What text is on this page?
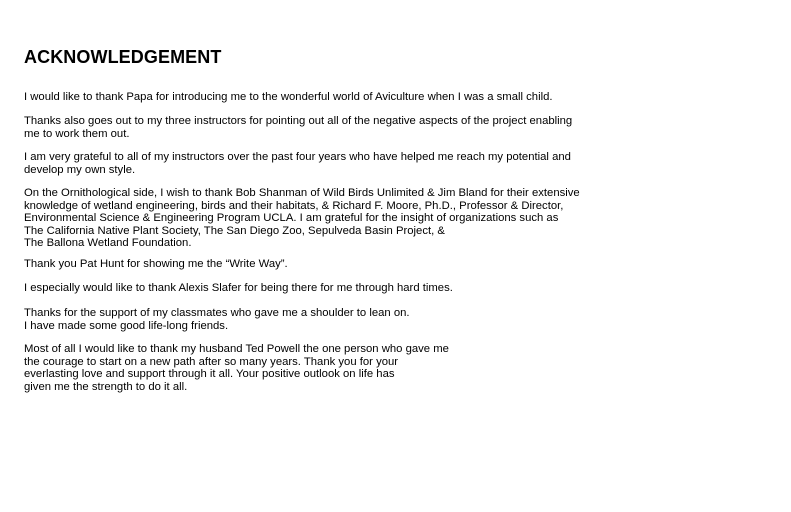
ACKNOWLEDGEMENT

I would like to thank Papa for introducing me to the wonderful world of Aviculture when I was a small child.

Thanks also goes out to my three instructors for pointing out all of the negative aspects of the project enabling
me to work them out.

I am very grateful to all of my instructors over the past four years who have helped me reach my potential and
develop my own style.

On the Ornithological side, I wish to thank Bob Shanman of Wild Birds Unlimited & Jim Bland for their extensive
knowledge of wetland engineering, birds and their habitats, & Richard F. Moore, Ph.D., Professor & Director,
Environmental Science & Engineering Program UCLA. I am grateful for the insight of organizations such as
The California Native Plant Society, The San Diego Zoo, Sepulveda Basin Project, &
The Ballona Wetland Foundation.

Thank you Pat Hunt for showing me the “Write Way”.

I especially would like to thank Alexis Slafer for being there for me through hard times.

Thanks for the support of my classmates who gave me a shoulder to lean on.
I have made some good life-long friends.

Most of all I would like to thank my husband Ted Powell the one person who gave me
the courage to start on a new path after so many years. Thank you for your
everlasting love and support through it all. Your positive outlook on life has
given me the strength to do it all.
